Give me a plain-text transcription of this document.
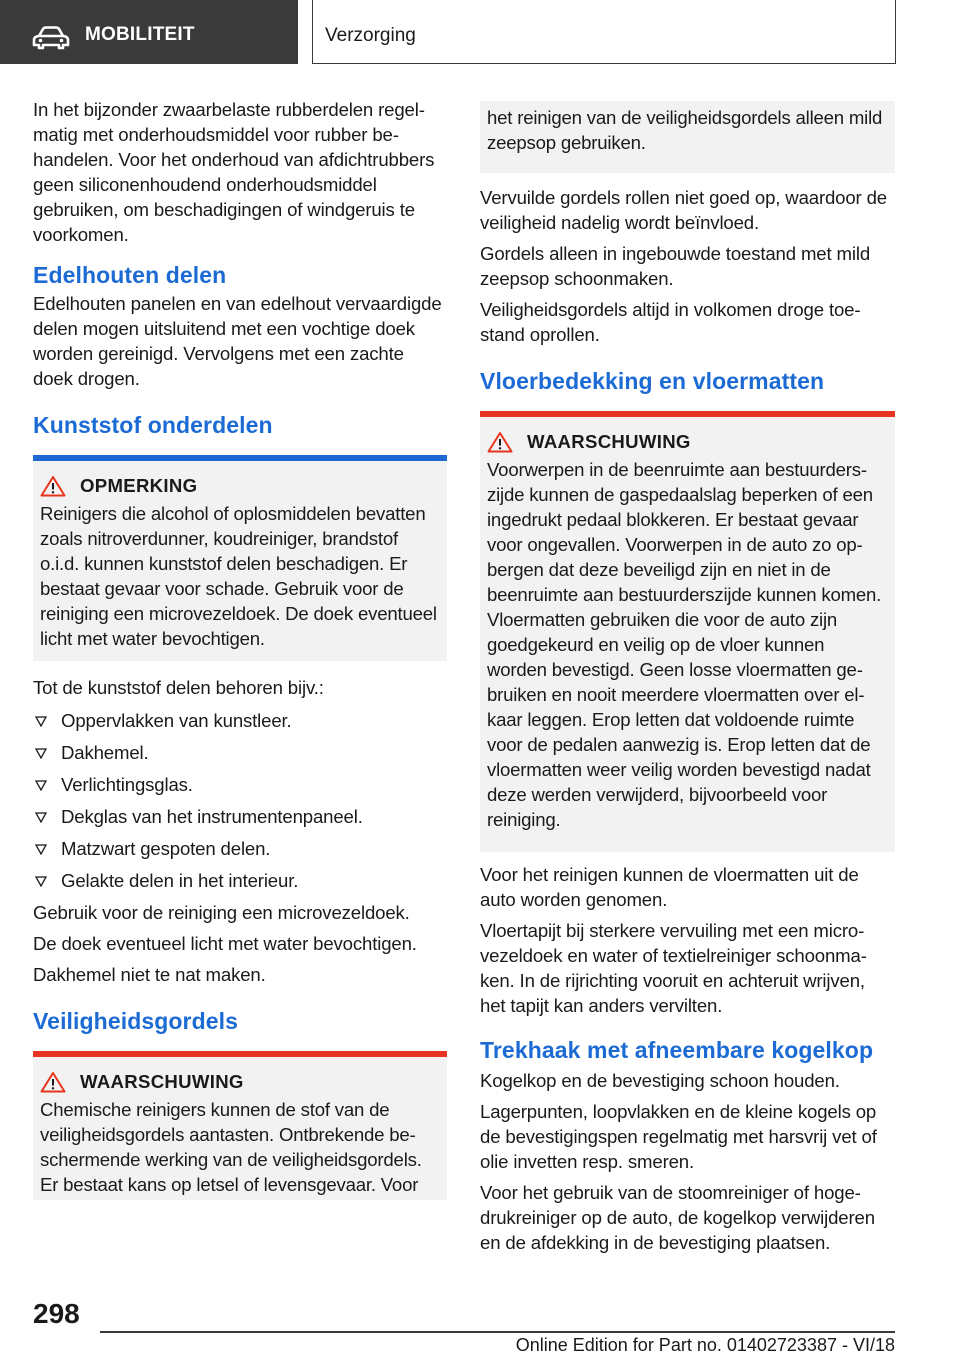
MOBILITEIT	Verzorging

In het bijzonder zwaarbelaste rubberdelen regelmatig met onderhoudsmiddel voor rubber behandelen. Voor het onderhoud van afdichtrubbers geen siliconenhoudend onderhoudsmiddel gebruiken, om beschadigingen of windgeruis te voorkomen.

Edelhouten delen

Edelhouten panelen en van edelhout vervaardigde delen mogen uitsluitend met een vochtige doek worden gereinigd. Vervolgens met een zachte doek drogen.

Kunststof onderdelen
OPMERKING

Reinigers die alcohol of oplosmiddelen bevatten zoals nitroverdunner, koudreiniger, brandstof o.i.d. kunnen kunststof delen beschadigen. Er bestaat gevaar voor schade. Gebruik voor de reiniging een microvezeldoek. De doek eventueel licht met water bevochtigen.

Tot de kunststof delen behoren bijv.:

Oppervlakken van kunstleer.
Dakhemel.
Verlichtingsglas.
Dekglas van het instrumentenpaneel.
Matzwart gespoten delen.
Gelakte delen in het interieur.

Gebruik voor de reiniging een microvezeldoek.

De doek eventueel licht met water bevochtigen.

Dakhemel niet te nat maken.

Veiligheidsgordels
WAARSCHUWING

Chemische reinigers kunnen de stof van de veiligheidsgordels aantasten. Ontbrekende beschermende werking van de veiligheidsgordels. Er bestaat kans op letsel of levensgevaar. Voor

het reinigen van de veiligheidsgordels alleen mild zeepsop gebruiken.

Vervuilde gordels rollen niet goed op, waardoor de veiligheid nadelig wordt beïnvloed.

Gordels alleen in ingebouwde toestand met mild zeepsop schoonmaken.

Veiligheidsgordels altijd in volkomen droge toestand oprollen.

Vloerbedekking en vloermatten
WAARSCHUWING

Voorwerpen in de beenruimte aan bestuurderszijde kunnen de gaspedaalslag beperken of een ingedrukt pedaal blokkeren. Er bestaat gevaar voor ongevallen. Voorwerpen in de auto zo opbergen dat deze beveiligd zijn en niet in de beenruimte aan bestuurderszijde kunnen komen. Vloermatten gebruiken die voor de auto zijn goedgekeurd en veilig op de vloer kunnen worden bevestigd. Geen losse vloermatten gebruiken en nooit meerdere vloermatten over elkaar leggen. Erop letten dat voldoende ruimte voor de pedalen aanwezig is. Erop letten dat de vloermatten weer veilig worden bevestigd nadat deze werden verwijderd, bijvoorbeeld voor reiniging.

Voor het reinigen kunnen de vloermatten uit de auto worden genomen.

Vloertapijt bij sterkere vervuiling met een microvezeldoek en water of textielreiniger schoonmaken. In de rijrichting vooruit en achteruit wrijven, het tapijt kan anders vervilten.

Trekhaak met afneembare kogelkop

Kogelkop en de bevestiging schoon houden.

Lagerpunten, loopvlakken en de kleine kogels op de bevestigingspen regelmatig met harsvrij vet of olie invetten resp. smeren.

Voor het gebruik van de stoomreiniger of hogedrukreiniger op de auto, de kogelkop verwijderen en de afdekking in de bevestiging plaatsen.

298
Online Edition for Part no. 01402723387 - VI/18
